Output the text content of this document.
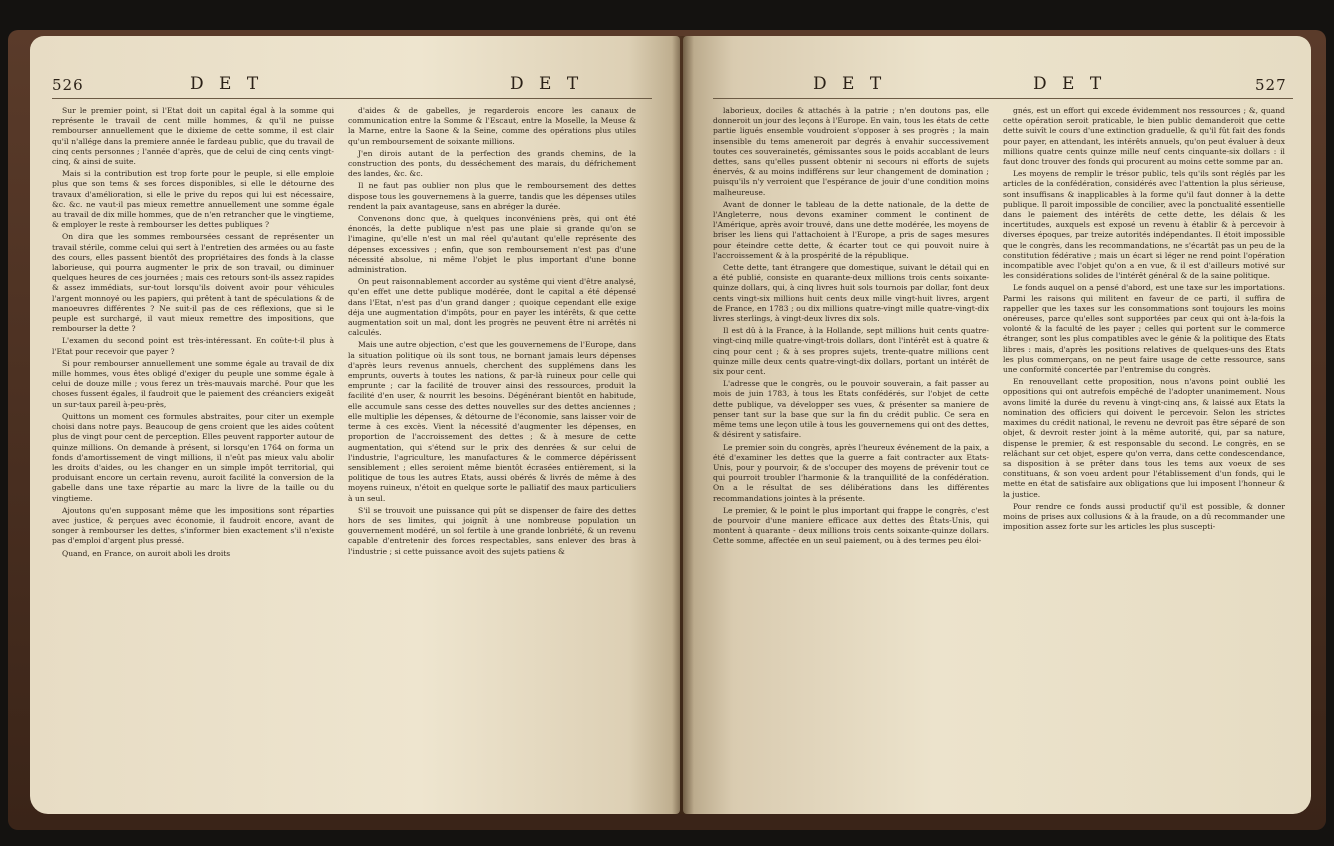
526	D E T	D E T

Sur le premier point, si l'Etat doit un capital égal à la somme qui représente le travail de cent mille hommes, & qu'il ne puisse rembourser annuellement que le dixieme de cette somme, il est clair qu'il n'allége dans la premiere année le fardeau public, que du travail de cinq cents personnes ; l'année d'après, que de celui de cinq cents vingt-cinq, & ainsi de suite.

Mais si la contribution est trop forte pour le peuple, si elle emploie plus que son tems & ses forces disponibles, si elle le détourne des travaux d'amélioration, si elle le prive du repos qui lui est nécessaire, &c. &c. ne vaut-il pas mieux remettre annuellement une somme égale au travail de dix mille hommes, que de n'en retrancher que le vingtieme, & employer le reste à rembourser les dettes publiques ?

On dira que les sommes remboursées cessant de représenter un travail stérile, comme celui qui sert à l'entretien des armées ou au faste des cours, elles passent bientôt des propriétaires des fonds à la classe laborieuse, qui pourra augmenter le prix de son travail, ou diminuer quelques heures de ces journées ; mais ces retours sont-ils assez rapides & assez immédiats, sur-tout lorsqu'ils doivent avoir pour véhicules l'argent monnoyé ou les papiers, qui prêtent à tant de spéculations & de manoeuvres différentes ? Ne suit-il pas de ces réflexions, que si le peuple est surchargé, il vaut mieux remettre des impositions, que rembourser la dette ?

L'examen du second point est très-intéressant. En coûte-t-il plus à l'Etat pour recevoir que payer ?

Si pour rembourser annuellement une somme égale au travail de dix mille hommes, vous êtes obligé d'exiger du peuple une somme égale à celui de douze mille ; vous ferez un très-mauvais marché. Pour que les choses fussent égales, il faudroit que le paiement des créanciers exigeât un sur-taux pareil à-peu-près,

Quittons un moment ces formules abstraites, pour citer un exemple choisi dans notre pays. Beaucoup de gens croient que les aides coûtent plus de vingt pour cent de perception. Elles peuvent rapporter autour de quinze millions. On demande à présent, si lorsqu'en 1764 on forma un fonds d'amortissement de vingt millions, il n'eût pas mieux valu abolir les droits d'aides, ou les changer en un simple impôt territorial, qui produisant encore un certain revenu, auroit facilité la conversion de la gabelle dans une taxe répartie au marc la livre de la taille ou du vingtieme.

Ajoutons qu'en supposant même que les impositions sont réparties avec justice, & perçues avec économie, il faudroit encore, avant de songer à rembourser les dettes, s'informer bien exactement s'il n'existe pas d'emploi d'argent plus pressé.

Quand, en France, on auroit aboli les droits

d'aides & de gabelles, je regarderois encore les canaux de communication entre la Somme & l'Escaut, entre la Moselle, la Meuse & la Marne, entre la Saone & la Seine, comme des opérations plus utiles qu'un remboursement de soixante millions.

J'en dirois autant de la perfection des grands chemins, de la construction des ponts, du desséchement des marais, du défrichement des landes, &c. &c.

Il ne faut pas oublier non plus que le remboursement des dettes dispose tous les gouvernemens à la guerre, tandis que les dépenses utiles rendent la paix avantageuse, sans en abréger la durée.

Convenons donc que, à quelques inconvéniens près, qui ont été énoncés, la dette publique n'est pas une plaie si grande qu'on se l'imagine, qu'elle n'est un mal réel qu'autant qu'elle représente des dépenses excessives ; enfin, que son remboursement n'est pas d'une nécessité absolue, ni même l'objet le plus important d'une bonne administration.

On peut raisonnablement accorder au systême qui vient d'être analysé, qu'en effet une dette publique modérée, dont le capital a été dépensé dans l'Etat, n'est pas d'un grand danger ; quoique cependant elle exige déja une augmentation d'impôts, pour en payer les intérêts, & que cette augmentation soit un mal, dont les progrès ne peuvent être ni arrêtés ni calculés.

Mais une autre objection, c'est que les gouvernemens de l'Europe, dans la situation politique où ils sont tous, ne bornant jamais leurs dépenses d'après leurs revenus annuels, cherchent des supplémens dans les emprunts, ouverts à toutes les nations, & par-là ruineux pour celle qui emprunte ; car la facilité de trouver ainsi des ressources, produit la facilité d'en user, & nourrit les besoins. Dégénérant bientôt en habitude, elle accumule sans cesse des dettes nouvelles sur des dettes anciennes ; elle multiplie les dépenses, & détourne de l'économie, sans laisser voir de terme à ces excès. Vient la nécessité d'augmenter les dépenses, en proportion de l'accroissement des dettes ; & à mesure de cette augmentation, qui s'étend sur le prix des denrées & sur celui de l'industrie, l'agriculture, les manufactures & le commerce dépérissent sensiblement ; elles seroient même bientôt écrasées entièrement, si la politique de tous les autres Etats, aussi obérés & livrés de même à des moyens ruineux, n'étoit en quelque sorte le palliatif des maux particuliers à un seul.

S'il se trouvoit une puissance qui pût se dispenser de faire des dettes hors de ses limites, qui joignît à une nombreuse population un gouvernement modéré, un sol fertile à une grande lonbriété, & un revenu capable d'entretenir des forces respectables, sans enlever des bras à l'industrie ; si cette puissance avoit des sujets patiens &

D E T	D E T	527

laborieux, dociles & attachés à la patrie ; n'en doutons pas, elle donneroit un jour des leçons à l'Europe. En vain, tous les états de cette partie ligués ensemble voudroient s'opposer à ses progrès ; la main insensible du tems ameneroit par degrés à envahir successivement toutes ces souverainetés, gémissantes sous le poids accablant de leurs dettes, sans qu'elles pussent obtenir ni secours ni efforts de sujets énervés, & au moins indifférens sur leur changement de domination ; puisqu'ils n'y verroient que l'espérance de jouir d'une condition moins malheureuse.

Avant de donner le tableau de la dette nationale, de la dette de l'Angleterre, nous devons examiner comment le continent de l'Amérique, après avoir trouvé, dans une dette modérée, les moyens de briser les liens qui l'attachoient à l'Europe, a pris de sages mesures pour éteindre cette dette, & écarter tout ce qui pouvoit nuire à l'accroissement & à la prospérité de la république.

Cette dette, tant étrangere que domestique, suivant le détail qui en a été publié, consiste en quarante-deux millions trois cents soixante-quinze dollars, qui, à cinq livres huit sols tournois par dollar, font deux cents vingt-six millions huit cents deux mille vingt-huit livres, argent de France, en 1783 ; ou dix millions quatre-vingt mille quatre-vingt-dix livres sterlings, à vingt-deux livres dix sols.

Il est dû à la France, à la Hollande, sept millions huit cents quatre-vingt-cinq mille quatre-vingt-trois dollars, dont l'intérêt est à quatre & cinq pour cent ; & à ses propres sujets, trente-quatre millions cent quinze mille deux cents quatre-vingt-dix dollars, portant un intérêt de six pour cent.

L'adresse que le congrès, ou le pouvoir souverain, a fait passer au mois de juin 1783, à tous les Etats confédérés, sur l'objet de cette dette publique, va développer ses vues, & présenter sa maniere de penser tant sur la base que sur la fin du crédit public. Ce sera en même tems une leçon utile à tous les gouvernemens qui ont des dettes, & désirent y satisfaire.

Le premier soin du congrès, après l'heureux événement de la paix, a été d'examiner les dettes que la guerre a fait contracter aux Etats-Unis, pour y pourvoir, & de s'occuper des moyens de prévenir tout ce qui pourroit troubler l'harmonie & la tranquillité de la confédération. On a le résultat de ses délibérations dans les différentes recommandations jointes à la présente.

Le premier, & le point le plus important qui frappe le congrès, c'est de pourvoir d'une maniere efficace aux dettes des États-Unis, qui montent à quarante - deux millions trois cents soixante-quinze dollars. Cette somme, affectée en un seul paiement, ou à des termes peu éloi-

gnés, est un effort qui excede évidemment nos ressources ; &, quand cette opération seroit praticable, le bien public demanderoit que cette dette suivît le cours d'une extinction graduelle, & qu'il fût fait des fonds pour payer, en attendant, les intérêts annuels, qu'on peut évaluer à deux millions quatre cents quinze mille neuf cents cinquante-six dollars : il faut donc trouver des fonds qui procurent au moins cette somme par an.

Les moyens de remplir le trésor public, tels qu'ils sont réglés par les articles de la confédération, considérés avec l'attention la plus sérieuse, sont insuffisans & inapplicables à la forme qu'il faut donner à la dette publique. Il paroit impossible de concilier, avec la ponctualité essentielle dans le paiement des intérêts de cette dette, les délais & les incertitudes, auxquels est exposé un revenu à établir & à percevoir à diverses époques, par treize autorités indépendantes. Il étoit impossible que le congrès, dans les recommandations, ne s'écartât pas un peu de la constitution fédérative ; mais un écart si léger ne rend point l'opération incompatible avec l'objet qu'on a en vue, & il est d'ailleurs motivé sur les considérations solides de l'intérêt général & de la saine politique.

Le fonds auquel on a pensé d'abord, est une taxe sur les importations. Parmi les raisons qui militent en faveur de ce parti, il suffira de rappeller que les taxes sur les consommations sont toujours les moins onéreuses, parce qu'elles sont supportées par ceux qui ont à-la-fois la volonté & la faculté de les payer ; celles qui portent sur le commerce étranger, sont les plus compatibles avec le génie & la politique des Etats libres : mais, d'après les positions relatives de quelques-uns des Etats les plus commerçans, on ne peut faire usage de cette ressource, sans une conformité concertée par l'entremise du congrès.

En renouvellant cette proposition, nous n'avons point oublié les oppositions qui ont autrefois empêché de l'adopter unanimement. Nous avons limité la durée du revenu à vingt-cinq ans, & laissé aux Etats la nomination des officiers qui doivent le percevoir. Selon les strictes maximes du crédit national, le revenu ne devroit pas être séparé de son objet, & devroit rester joint à la même autorité, qui, par sa nature, dispense le premier, & est responsable du second. Le congrès, en se relâchant sur cet objet, espere qu'on verra, dans cette condescendance, sa disposition à se prêter dans tous les tems aux voeux de ses constituans, & son voeu ardent pour l'établissement d'un fonds, qui le mette en état de satisfaire aux obligations que lui imposent l'honneur & la justice.

Pour rendre ce fonds aussi productif qu'il est possible, & donner moins de prises aux collusions & à la fraude, on a dû recommander une imposition assez forte sur les articles les plus suscepti-
